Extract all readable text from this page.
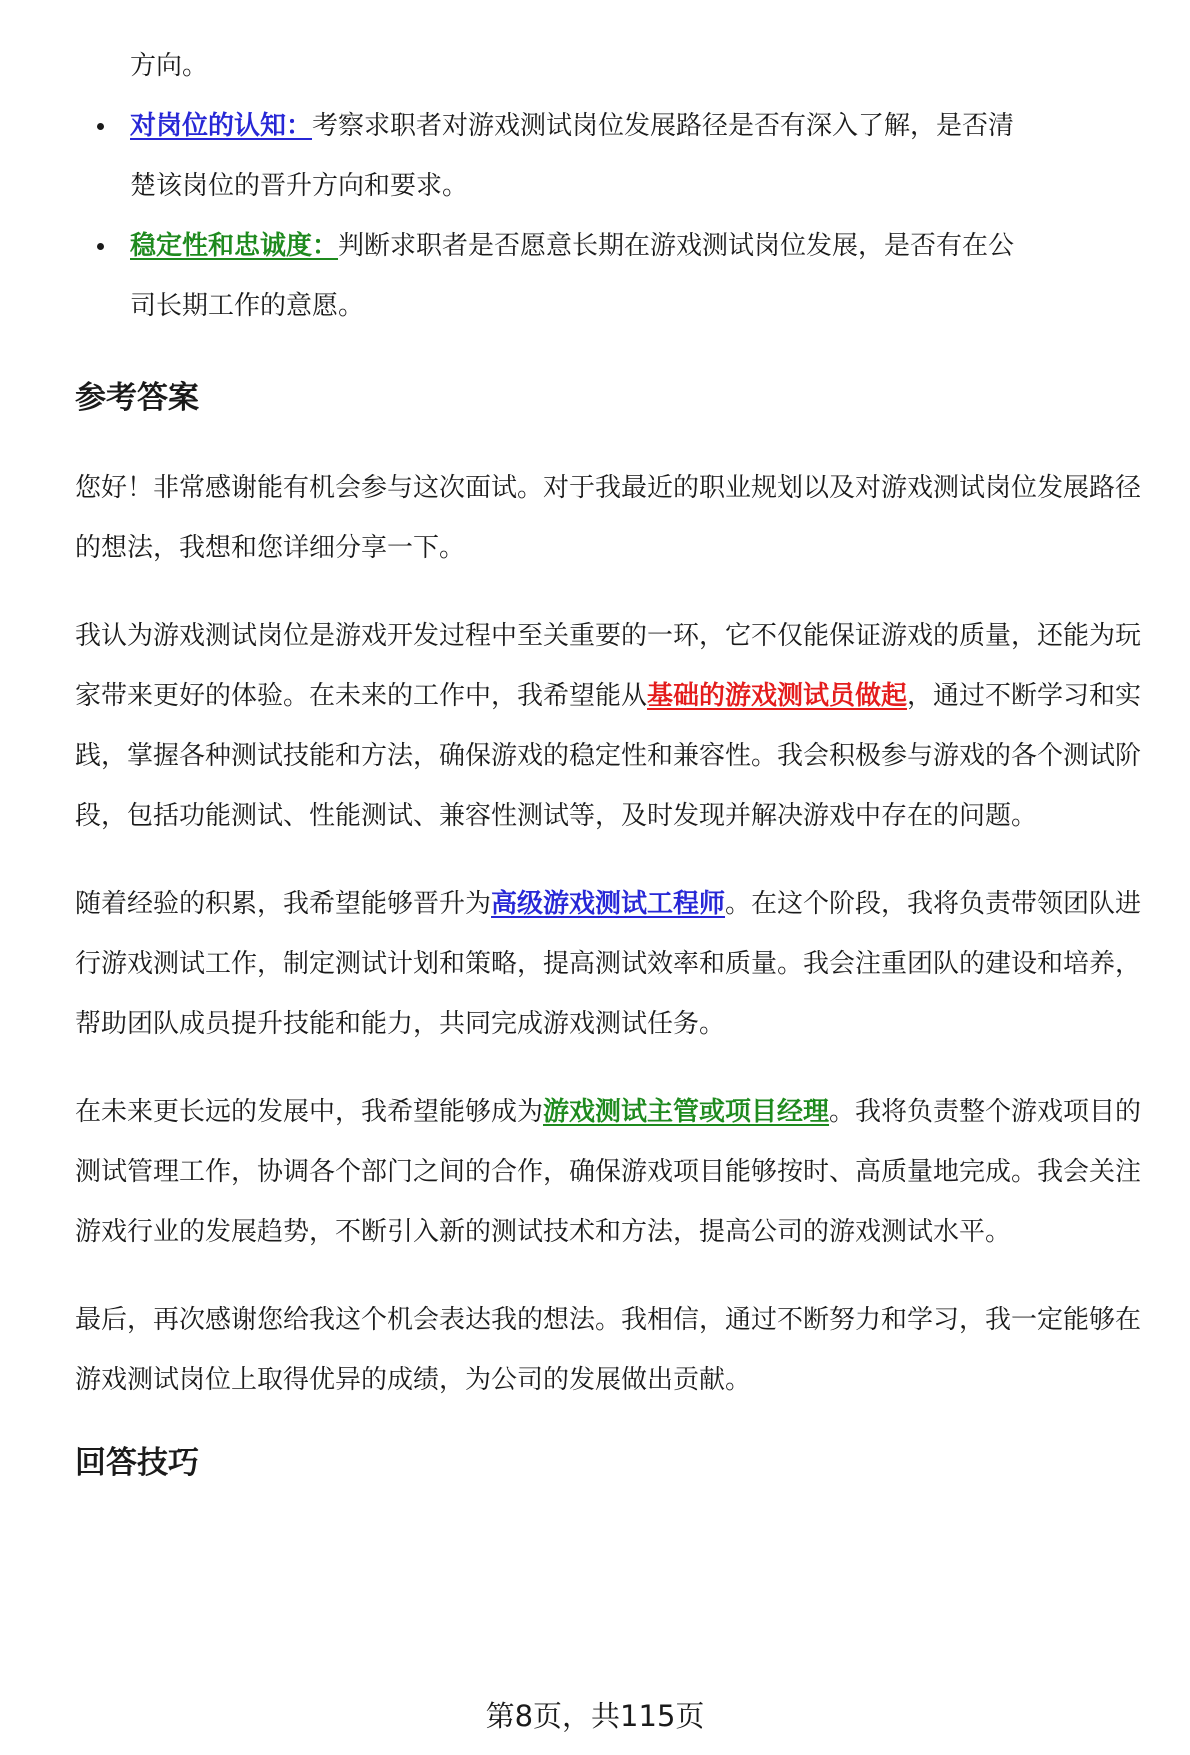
方向。

对岗位的认知：考察求职者对游戏测试岗位发展路径是否有深入了解，是否清
楚该岗位的晋升方向和要求。
稳定性和忠诚度：判断求职者是否愿意长期在游戏测试岗位发展，是否有在公
司长期工作的意愿。
参考答案

您好！非常感谢能有机会参与这次面试。对于我最近的职业规划以及对游戏测试岗位发展路径的想法，我想和您详细分享一下。

我认为游戏测试岗位是游戏开发过程中至关重要的一环，它不仅能保证游戏的质量，还能为玩家带来更好的体验。在未来的工作中，我希望能从基础的游戏测试员做起，通过不断学习和实践，掌握各种测试技能和方法，确保游戏的稳定性和兼容性。我会积极参与游戏的各个测试阶段，包括功能测试、性能测试、兼容性测试等，及时发现并解决游戏中存在的问题。

随着经验的积累，我希望能够晋升为高级游戏测试工程师。在这个阶段，我将负责带领团队进行游戏测试工作，制定测试计划和策略，提高测试效率和质量。我会注重团队的建设和培养，帮助团队成员提升技能和能力，共同完成游戏测试任务。

在未来更长远的发展中，我希望能够成为游戏测试主管或项目经理。我将负责整个游戏项目的测试管理工作，协调各个部门之间的合作，确保游戏项目能够按时、高质量地完成。我会关注游戏行业的发展趋势，不断引入新的测试技术和方法，提高公司的游戏测试水平。

最后，再次感谢您给我这个机会表达我的想法。我相信，通过不断努力和学习，我一定能够在游戏测试岗位上取得优异的成绩，为公司的发展做出贡献。

回答技巧
第8页，共115页
